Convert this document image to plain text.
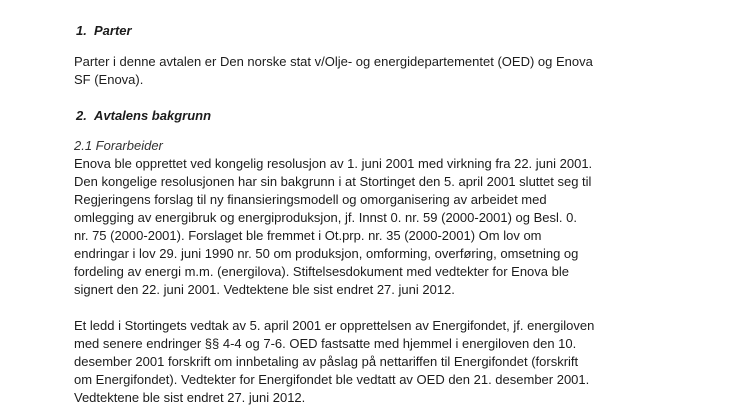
1. Parter
Parter i denne avtalen er Den norske stat v/Olje- og energidepartementet (OED) og Enova
SF (Enova).
2. Avtalens bakgrunn
2.1 Forarbeider
Enova ble opprettet ved kongelig resolusjon av 1. juni 2001 med virkning fra 22. juni 2001.
Den kongelige resolusjonen har sin bakgrunn i at Stortinget den 5. april 2001 sluttet seg til
Regjeringens forslag til ny finansieringsmodell og omorganisering av arbeidet med
omlegging av energibruk og energiproduksjon, jf. Innst 0. nr. 59 (2000-2001) og Besl. 0.
nr. 75 (2000-2001). Forslaget ble fremmet i Ot.prp. nr. 35 (2000-2001) Om lov om
endringar i lov 29. juni 1990 nr. 50 om produksjon, omforming, overføring, omsetning og
fordeling av energi m.m. (energilova). Stiftelsesdokument med vedtekter for Enova ble
signert den 22. juni 2001. Vedtektene ble sist endret 27. juni 2012.
Et ledd i Stortingets vedtak av 5. april 2001 er opprettelsen av Energifondet, jf. energiloven
med senere endringer §§ 4-4 og 7-6. OED fastsatte med hjemmel i energiloven den 10.
desember 2001 forskrift om innbetaling av påslag på nettariffen til Energifondet (forskrift
om Energifondet). Vedtekter for Energifondet ble vedtatt av OED den 21. desember 2001.
Vedtektene ble sist endret 27. juni 2012.
